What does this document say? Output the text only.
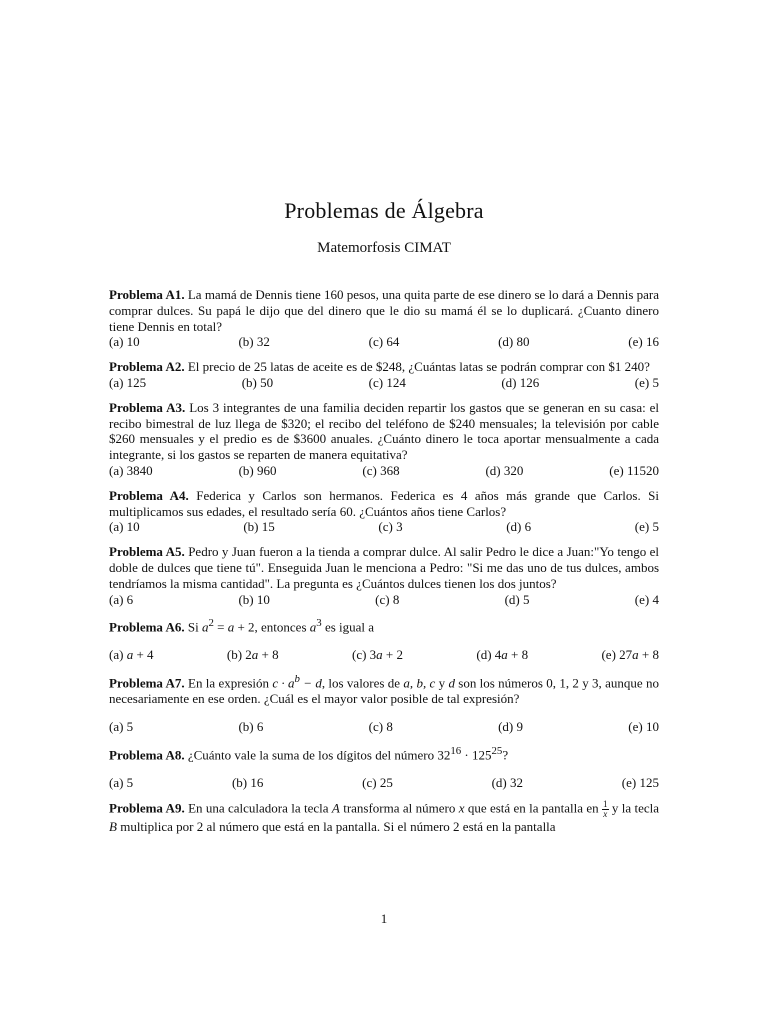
Problemas de Álgebra
Matemorfosis CIMAT
Problema A1. La mamá de Dennis tiene 160 pesos, una quita parte de ese dinero se lo dará a Dennis para comprar dulces. Su papá le dijo que del dinero que le dio su mamá él se lo duplicará. ¿Cuanto dinero tiene Dennis en total?
(a) 10	(b) 32	(c) 64	(d) 80	(e) 16
Problema A2. El precio de 25 latas de aceite es de $248, ¿Cuántas latas se podrán comprar con $1 240?
(a) 125	(b) 50	(c) 124	(d) 126	(e) 5
Problema A3. Los 3 integrantes de una familia deciden repartir los gastos que se generan en su casa: el recibo bimestral de luz llega de $320; el recibo del teléfono de $240 mensuales; la televisión por cable $260 mensuales y el predio es de $3600 anuales. ¿Cuánto dinero le toca aportar mensualmente a cada integrante, si los gastos se reparten de manera equitativa?
(a) 3840	(b) 960	(c) 368	(d) 320	(e) 11520
Problema A4. Federica y Carlos son hermanos. Federica es 4 años más grande que Carlos. Si multiplicamos sus edades, el resultado sería 60. ¿Cuántos años tiene Carlos?
(a) 10	(b) 15	(c) 3	(d) 6	(e) 5
Problema A5. Pedro y Juan fueron a la tienda a comprar dulce. Al salir Pedro le dice a Juan:"Yo tengo el doble de dulces que tiene tú". Enseguida Juan le menciona a Pedro: "Si me das uno de tus dulces, ambos tendríamos la misma cantidad". La pregunta es ¿Cuántos dulces tienen los dos juntos?
(a) 6	(b) 10	(c) 8	(d) 5	(e) 4
Problema A6. Si $a^2 = a + 2$, entonces $a^3$ es igual a
(a) a + 4	(b) 2a + 8	(c) 3a + 2	(d) 4a + 8	(e) 27a + 8
Problema A7. En la expresión $c \cdot a^b - d$, los valores de a, b, c y d son los números 0, 1, 2 y 3, aunque no necesariamente en ese orden. ¿Cuál es el mayor valor posible de tal expresión?
(a) 5	(b) 6	(c) 8	(d) 9	(e) 10
Problema A8. ¿Cuánto vale la suma de los dígitos del número $32^{16} \cdot 125^{25}$?
(a) 5	(b) 16	(c) 25	(d) 32	(e) 125
Problema A9. En una calculadora la tecla A transforma al número x que está en la pantalla en $\frac{1}{x}$ y la tecla B multiplica por 2 al número que está en la pantalla. Si el número 2 está en la pantalla
1
